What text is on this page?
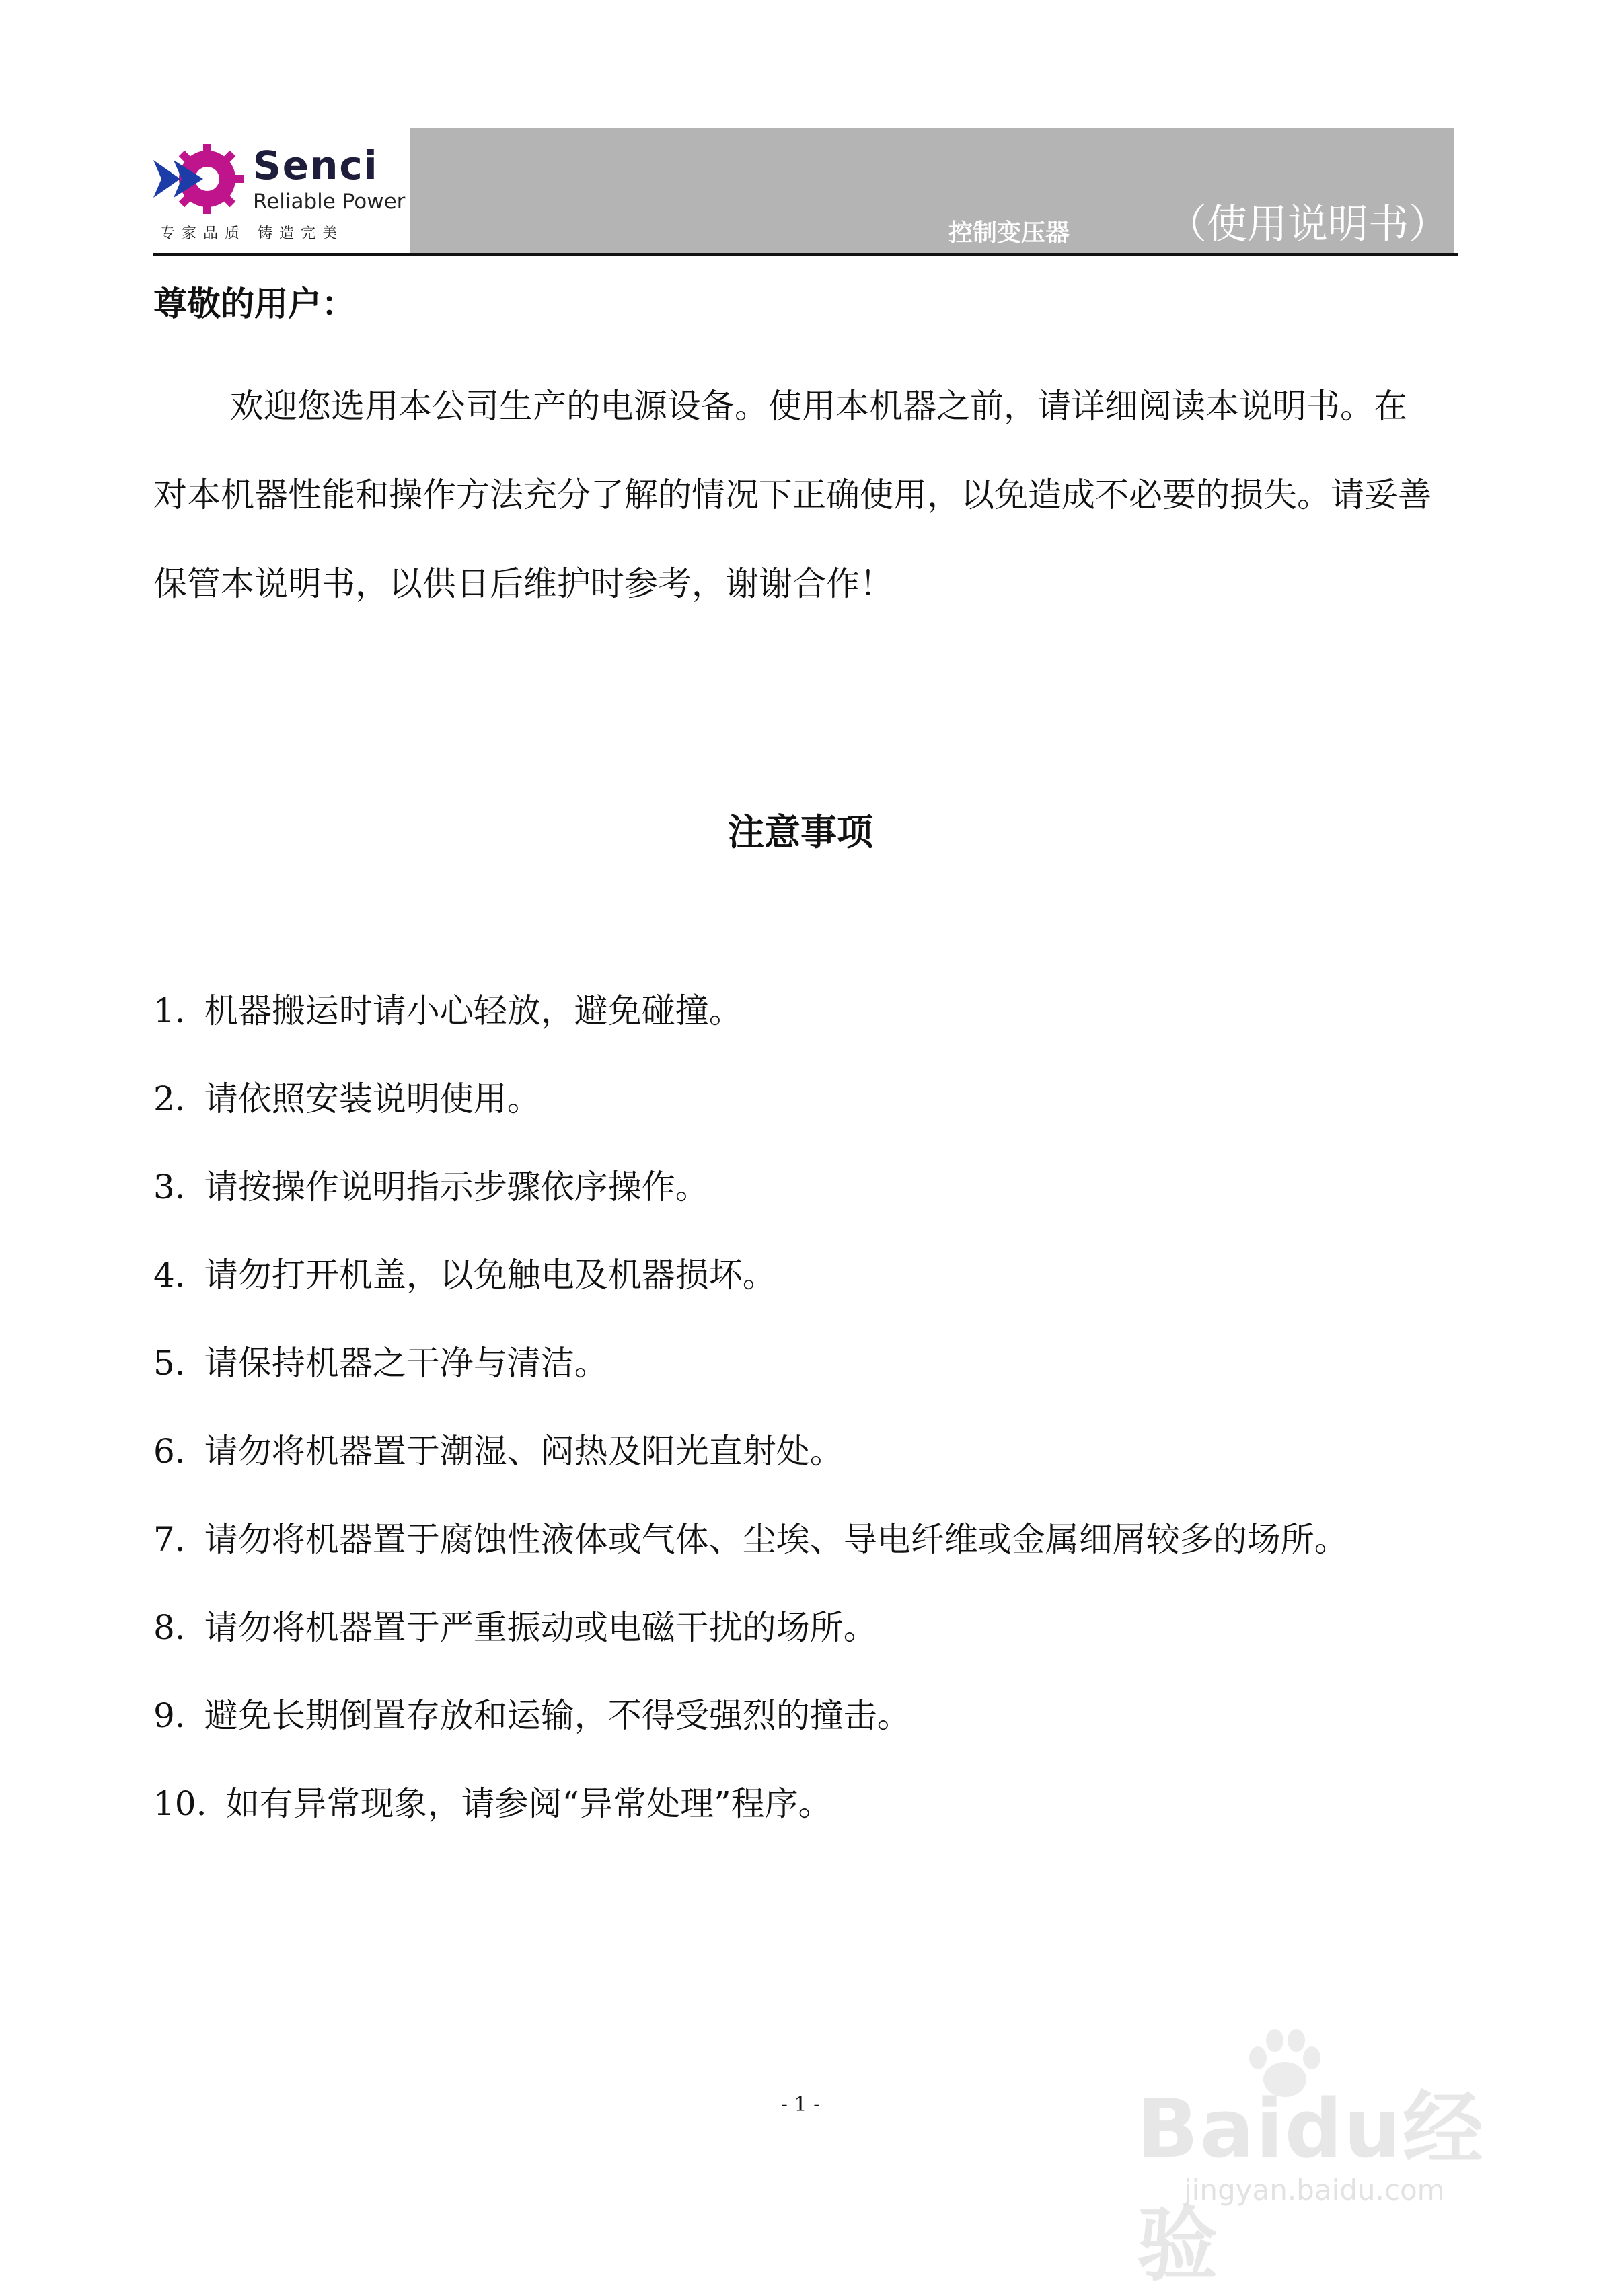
Senci
Reliable Power
专家品质 铸造完美	控制变压器 （使用说明书）
尊敬的用户：
欢迎您选用本公司生产的电源设备。使用本机器之前，请详细阅读本说明书。在对本机器性能和操作方法充分了解的情况下正确使用，以免造成不必要的损失。请妥善保管本说明书，以供日后维护时参考，谢谢合作！
注意事项
1. 机器搬运时请小心轻放，避免碰撞。
2. 请依照安装说明使用。
3. 请按操作说明指示步骤依序操作。
4. 请勿打开机盖，以免触电及机器损坏。
5. 请保持机器之干净与清洁。
6. 请勿将机器置于潮湿、闷热及阳光直射处。
7. 请勿将机器置于腐蚀性液体或气体、尘埃、导电纤维或金属细屑较多的场所。
8. 请勿将机器置于严重振动或电磁干扰的场所。
9. 避免长期倒置存放和运输，不得受强烈的撞击。
10. 如有异常现象，请参阅“异常处理”程序。
- 1 -	Baidu经验
jingyan.baidu.com
